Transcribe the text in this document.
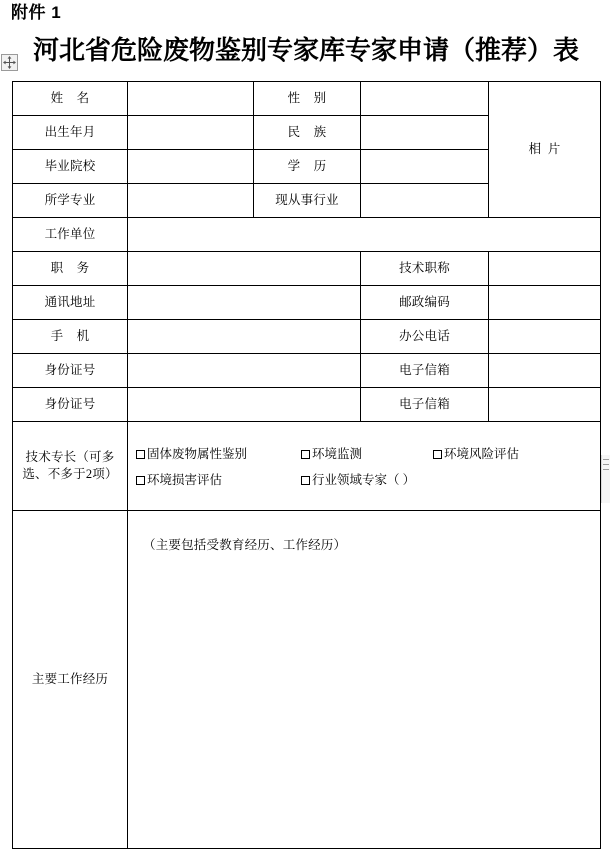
附件 1
河北省危险废物鉴别专家库专家申请（推荐）表
姓    名		性    别		相  片
出生年月		民    族		
毕业院校		学    历		
所学专业		现从事行业		
工作单位				
职    务			技术职称	
通讯地址			邮政编码	
手    机			办公电话	
身份证号			电子信箱	
身份证号			电子信箱	
技术专长（可多选、不多于2项）	固体废物属性鉴别 环境监测 环境风险评估
环境损害评估 行业领域专家（ ）			

主要工作经历	（主要包括受教育经历、工作经历）			
